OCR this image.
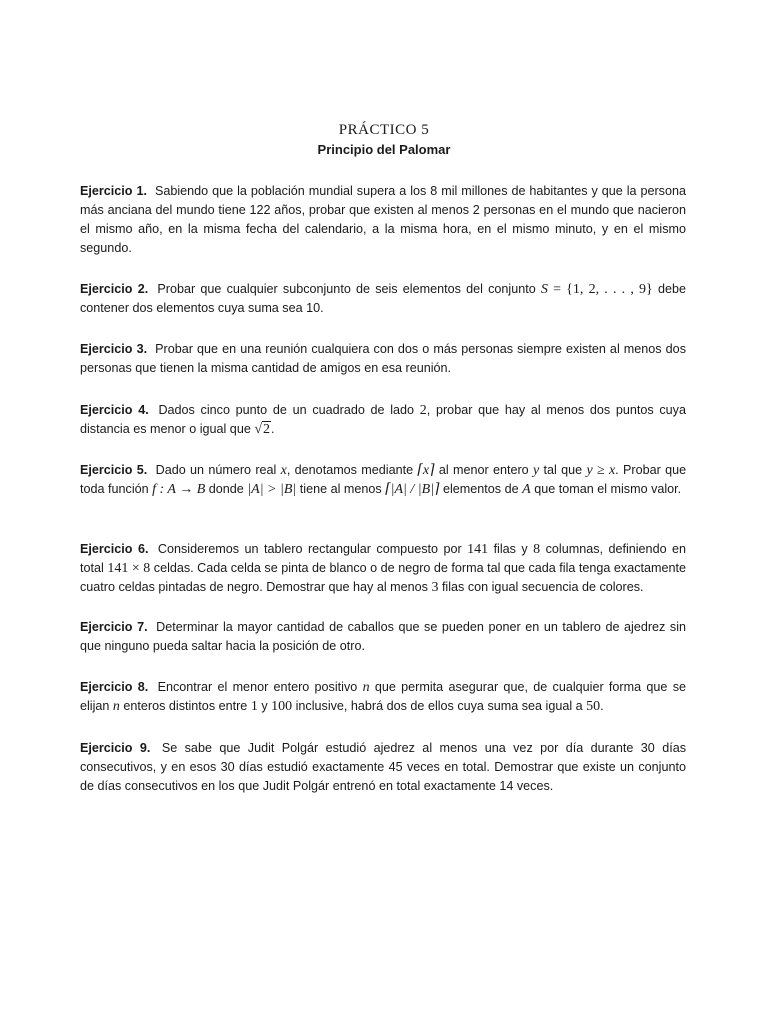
PRÁCTICO 5
Principio del Palomar

Ejercicio 1. Sabiendo que la población mundial supera a los 8 mil millones de habitantes y que la persona más anciana del mundo tiene 122 años, probar que existen al menos 2 personas en el mundo que nacieron el mismo año, en la misma fecha del calendario, a la misma hora, en el mismo minuto, y en el mismo segundo.

Ejercicio 2. Probar que cualquier subconjunto de seis elementos del conjunto S = {1, 2, . . . , 9} debe contener dos elementos cuya suma sea 10.

Ejercicio 3. Probar que en una reunión cualquiera con dos o más personas siempre existen al menos dos personas que tienen la misma cantidad de amigos en esa reunión.

Ejercicio 4. Dados cinco punto de un cuadrado de lado 2, probar que hay al menos dos puntos cuya distancia es menor o igual que √2.

Ejercicio 5. Dado un número real x, denotamos mediante ⌈x⌉ al menor entero y tal que y ≥ x. Probar que toda función f : A → B donde |A| > |B| tiene al menos ⌈|A| / |B|⌉ elementos de A que toman el mismo valor.

Ejercicio 6. Consideremos un tablero rectangular compuesto por 141 filas y 8 columnas, definiendo en total 141 × 8 celdas. Cada celda se pinta de blanco o de negro de forma tal que cada fila tenga exactamente cuatro celdas pintadas de negro. Demostrar que hay al menos 3 filas con igual secuencia de colores.

Ejercicio 7. Determinar la mayor cantidad de caballos que se pueden poner en un tablero de ajedrez sin que ninguno pueda saltar hacia la posición de otro.

Ejercicio 8. Encontrar el menor entero positivo n que permita asegurar que, de cualquier forma que se elijan n enteros distintos entre 1 y 100 inclusive, habrá dos de ellos cuya suma sea igual a 50.

Ejercicio 9. Se sabe que Judit Polgár estudió ajedrez al menos una vez por día durante 30 días consecutivos, y en esos 30 días estudió exactamente 45 veces en total. Demostrar que existe un conjunto de días consecutivos en los que Judit Polgár entrenó en total exactamente 14 veces.
